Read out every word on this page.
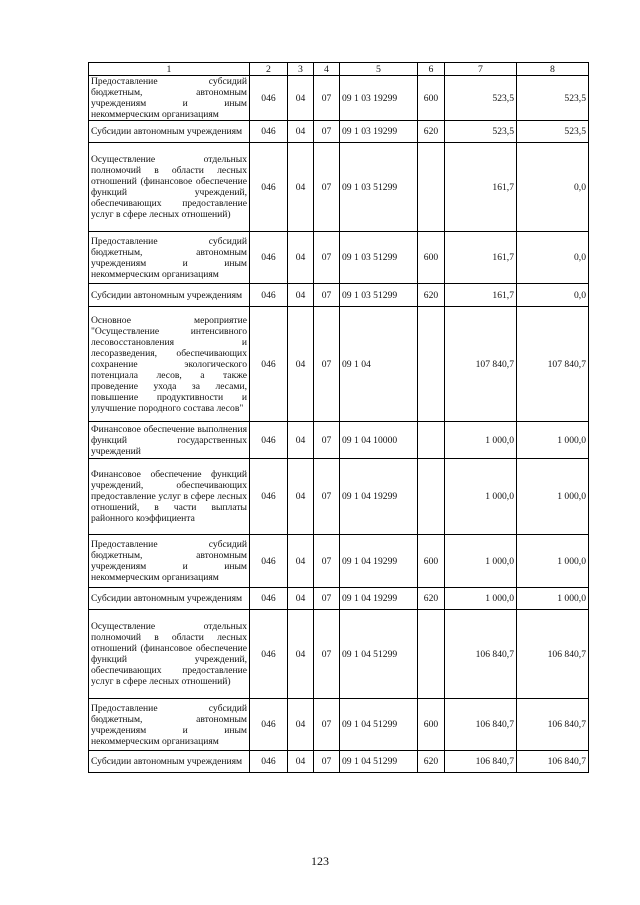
1	2	3	4	5	6	7	8
Предоставление субсидий бюджетным, автономным учреждениям и иным некоммерческим организациям	046	04	07	09 1 03 19299	600	523,5	523,5
Субсидии автономным учреждениям	046	04	07	09 1 03 19299	620	523,5	523,5
Осуществление отдельных полномочий в области лесных отношений (финансовое обеспечение функций учреждений, обеспечивающих предоставление услуг в сфере лесных отношений)	046	04	07	09 1 03 51299		161,7	0,0
Предоставление субсидий бюджетным, автономным учреждениям и иным некоммерческим организациям	046	04	07	09 1 03 51299	600	161,7	0,0
Субсидии автономным учреждениям	046	04	07	09 1 03 51299	620	161,7	0,0
Основное мероприятие "Осуществление интенсивного лесовосстановления и лесоразведения, обеспечивающих сохранение экологического потенциала лесов, а также проведение ухода за лесами, повышение продуктивности и улучшение породного состава лесов"	046	04	07	09 1 04		107 840,7	107 840,7
Финансовое обеспечение выполнения функций государственных учреждений	046	04	07	09 1 04 10000		1 000,0	1 000,0
Финансовое обеспечение функций учреждений, обеспечивающих предоставление услуг в сфере лесных отношений, в части выплаты районного коэффициента	046	04	07	09 1 04 19299		1 000,0	1 000,0
Предоставление субсидий бюджетным, автономным учреждениям и иным некоммерческим организациям	046	04	07	09 1 04 19299	600	1 000,0	1 000,0
Субсидии автономным учреждениям	046	04	07	09 1 04 19299	620	1 000,0	1 000,0
Осуществление отдельных полномочий в области лесных отношений (финансовое обеспечение функций учреждений, обеспечивающих предоставление услуг в сфере лесных отношений)	046	04	07	09 1 04 51299		106 840,7	106 840,7
Предоставление субсидий бюджетным, автономным учреждениям и иным некоммерческим организациям	046	04	07	09 1 04 51299	600	106 840,7	106 840,7
Субсидии автономным учреждениям	046	04	07	09 1 04 51299	620	106 840,7	106 840,7
123
